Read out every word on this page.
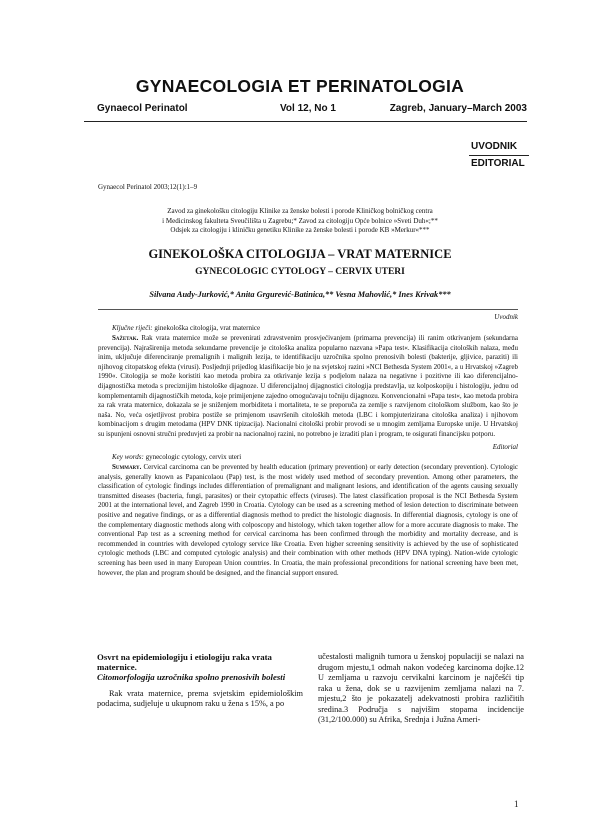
GYNAECOLOGIA ET PERINATOLOGIA
Gynaecol Perinatol	Vol 12, No 1	Zagreb, January–March 2003
UVODNIK
EDITORIAL
Gynaecol Perinatol 2003;12(1):1–9
Zavod za ginekološku citologiju Klinike za ženske bolesti i porode Kliničkog bolničkog centra
i Medicinskog fakulteta Sveučilišta u Zagrebu;* Zavod za citologiju Opće bolnice »Sveti Duh«;**
Odsjek za citologiju i kliničku genetiku Klinike za ženske bolesti i porode KB »Merkur«***
GINEKOLOŠKA CITOLOGIJA – VRAT MATERNICE
GYNECOLOGIC CYTOLOGY – CERVIX UTERI
Silvana Audy-Jurković,* Anita Grgurević-Batinica,** Vesna Mahovlić,* Ines Krivak***
Uvodnik
Ključne riječi: ginekološka citologija, vrat maternice

Sažetak. Rak vrata maternice može se prevenirati zdravstvenim prosvjećivanjem (primarna prevencija) ili ranim otkrivanjem (sekundarna prevencija). Najraširenija metoda sekundarne prevencije je citološka analiza popularno nazvana »Papa test«. Klasifikacija citoloških nalaza, među inim, uključuje diferenciranje premalignih i malignih lezija, te identifikaciju uzročnika spolno prenosivih bolesti (bakterije, gljivice, paraziti) ili njihovog citopatskog efekta (virusi). Posljednji prijedlog klasifikacije bio je na svjetskoj razini »NCI Bethesda System 2001«, a u Hrvatskoj »Zagreb 1990«. Citologija se može koristiti kao metoda probira za otkrivanje lezija s podjelom nalaza na negativne i pozitivne ili kao diferencijalno-dijagnostička metoda s preciznijim histološke dijagnoze. U diferencijalnoj dijagnostici citologija predstavlja, uz kolposkopiju i histologiju, jednu od komplementarnih dijagnostičkih metoda, koje primijenjene zajedno omogućavaju točniju dijagnozu. Konvencionalni »Papa test«, kao metoda probira za rak vrata maternice, dokazala se je sniženjem morbiditeta i mortaliteta, te se preporuča za zemlje s razvijenom citološkom službom, kao što je naša. No, veća osjetljivost probira postiže se primjenom usavršenih citoloških metoda (LBC i kompjuterizirana citološka analiza) i njihovom kombinacijom s drugim metodama (HPV DNK tipizacija). Nacionalni citološki probir provodi se u mnogim zemljama Europske unije. U Hrvatskoj su ispunjeni osnovni stručni preduvjeti za probir na nacionalnoj razini, no potrebno je izraditi plan i program, te osigurati financijsku potporu.

Editorial
Key words: gynecologic cytology, cervix uteri

Summary. Cervical carcinoma can be prevented by health education (primary prevention) or early detection (secondary prevention). Cytologic analysis, generally known as Papanicolaou (Pap) test, is the most widely used method of secondary prevention. Among other parameters, the classification of cytologic findings includes differentiation of premalignant and malignant lesions, and identification of the agents causing sexually transmitted diseases (bacteria, fungi, parasites) or their cytopathic effects (viruses). The latest classification proposal is the NCI Bethesda System 2001 at the international level, and Zagreb 1990 in Croatia. Cytology can be used as a screening method of lesion detection to discriminate between positive and negative findings, or as a differential diagnosis method to predict the histologic diagnosis. In differential diagnosis, cytology is one of the complementary diagnostic methods along with colposcopy and histology, which taken together allow for a more accurate diagnosis to make. The conventional Pap test as a screening method for cervical carcinoma has been confirmed through the morbidity and mortality decrease, and is recommended in countries with developed cytology service like Croatia. Even higher screening sensitivity is achieved by the use of sophisticated cytologic methods (LBC and computed cytologic analysis) and their combination with other methods (HPV DNA typing). Nation-wide cytologic screening has been used in many European Union countries. In Croatia, the main professional preconditions for national screening have been met, however, the plan and program should be designed, and the financial support ensured.

Osvrt na epidemiologiju i etiologiju raka vrata maternice.
Citomorfologija uzročnika spolno prenosivih bolesti

Rak vrata maternice, prema svjetskim epidemiološkim podacima, sudjeluje u ukupnom raku u žena s 15%, a po

učestalosti malignih tumora u ženskoj populaciji se nalazi na drugom mjestu,1 odmah nakon vodećeg karcinoma dojke.12 U zemljama u razvoju cervikalni karcinom je najčešći tip raka u žena, dok se u razvijenim zemljama nalazi na 7. mjestu,2 što je pokazatelj adekvatnosti probira različitih sredina.3 Područja s najvišim stopama incidencije (31,2/100.000) su Afrika, Srednja i Južna Ameri-

1
